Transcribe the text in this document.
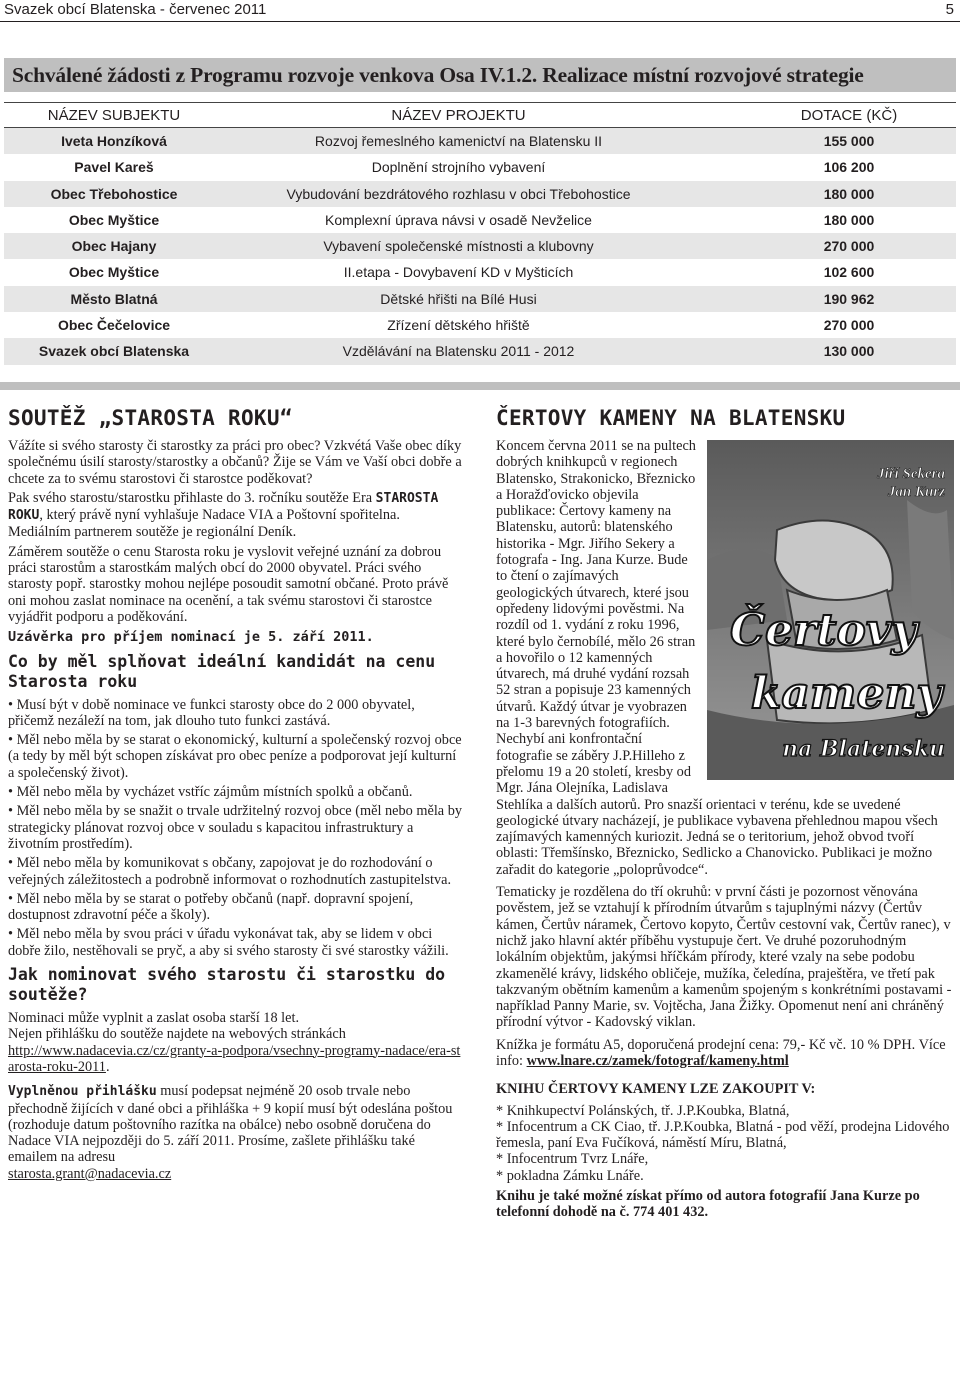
Svazek obcí Blatenska - červenec 2011	5
Schválené žádosti z Programu rozvoje venkova Osa IV.1.2. Realizace místní rozvojové strategie
NÁZEV SUBJEKTU	NÁZEV PROJEKTU	DOTACE (KČ)
Iveta Honzíková	Rozvoj řemeslného kamenictví na Blatensku II	155 000
Pavel Kareš	Doplnění strojního vybavení	106 200
Obec Třebohostice	Vybudování bezdrátového rozhlasu v obci Třebohostice	180 000
Obec Myštice	Komplexní úprava návsi v osadě Nevželice	180 000
Obec Hajany	Vybavení společenské místnosti a klubovny	270 000
Obec Myštice	II.etapa - Dovybavení KD v Myšticích	102 600
Město Blatná	Dětské hřišti na Bílé Husi	190 962
Obec Čečelovice	Zřízení dětského hřiště	270 000
Svazek obcí Blatenska	Vzdělávání na Blatensku 2011 - 2012	130 000
SOUTĚŽ „STAROSTA ROKU“

Vážíte si svého starosty či starostky za práci pro obec? Vzkvétá Vaše obec díky společnému úsilí starosty/starostky a občanů? Žije se Vám ve Vaší obci dobře a chcete za to svému starostovi či starostce poděkovat?

Pak svého starostu/starostku přihlaste do 3. ročníku soutěže Era STAROSTA ROKU, který právě nyní vyhlašuje Nadace VIA a Poštovní spořitelna. Mediálním partnerem soutěže je regionální Deník.

Záměrem soutěže o cenu Starosta roku je vyslovit veřejné uznání za dobrou práci starostům a starostkám malých obcí do 2000 obyvatel. Práci svého starosty popř. starostky mohou nejlépe posoudit samotní občané. Proto právě oni mohou zaslat nominace na ocenění, a tak svému starostovi či starostce vyjádřit podporu a poděkování.

Uzávěrka pro příjem nominací je 5. září 2011.

Co by měl splňovat ideální kandidát na cenu Starosta roku

• Musí být v době nominace ve funkci starosty obce do 2 000 obyvatel, přičemž nezáleží na tom, jak dlouho tuto funkci zastává.

• Měl nebo měla by se starat o ekonomický, kulturní a společenský rozvoj obce (a tedy by měl být schopen získávat pro obec peníze a podporovat její kulturní a společenský život).

• Měl nebo měla by vycházet vstříc zájmům místních spolků a občanů.

• Měl nebo měla by se snažit o trvale udržitelný rozvoj obce (měl nebo měla by strategicky plánovat rozvoj obce v souladu s kapacitou infrastruktury a životním prostředím).

• Měl nebo měla by komunikovat s občany, zapojovat je do rozhodování o veřejných záležitostech a podrobně informovat o rozhodnutích zastupitelstva.

• Měl nebo měla by se starat o potřeby občanů (např. dopravní spojení, dostupnost zdravotní péče a školy).

• Měl nebo měla by svou práci v úřadu vykonávat tak, aby se lidem v obci dobře žilo, nestěhovali se pryč, a aby si svého starosty či své starostky vážili.

Jak nominovat svého starostu či starostku do soutěže?

Nominaci může vyplnit a zaslat osoba starší 18 let.

Nejen přihlášku do soutěže najdete na webových stránkách
http://www.nadacevia.cz/cz/granty-a-podpora/vsechny-programy-nadace/era-starosta-roku-2011.

Vyplněnou přihlášku musí podepsat nejméně 20 osob trvale nebo přechodně žijících v dané obci a přihláška + 9 kopií musí být odeslána poštou (rozhoduje datum poštovního razítka na obálce) nebo osobně doručena do Nadace VIA nejpozději do 5. září 2011. Prosíme, zašlete přihlášku také emailem na adresu
starosta.grant@nadacevia.cz

ČERTOVY KAMENY NA BLATENSKU
Jiří Sekera
Jan Kurz
Čertovy
kameny
na Blatensku

Koncem června 2011 se na pultech dobrých knihkupců v regionech Blatensko, Strakonicko, Březnicko a Horažďovicko objevila publikace: Čertovy kameny na Blatensku, autorů: blatenského historika - Mgr. Jiřího Sekery a fotografa - Ing. Jana Kurze. Bude to čtení o zajímavých geologických útvarech, které jsou opředeny lidovými pověstmi. Na rozdíl od 1. vydání z roku 1996, které bylo černobílé, mělo 26 stran a hovořilo o 12 kamenných útvarech, má druhé vydání rozsah 52 stran a popisuje 23 kamenných útvarů. Každý útvar je vyobrazen na 1-3 barevných fotografiích. Nechybí ani konfrontační fotografie se záběry J.P.Hilleho z přelomu 19 a 20 století, kresby od Mgr. Jána Olejníka, Ladislava Stehlíka a dalších autorů. Pro snazší orientaci v terénu, kde se uvedené geologické útvary nacházejí, je publikace vybavena přehlednou mapou všech zajímavých kamenných kuriozit. Jedná se o teritorium, jehož obvod tvoří oblasti: Třemšínsko, Březnicko, Sedlicko a Chanovicko. Publikaci je možno zařadit do kategorie „poloprůvodce“.

Tematicky je rozdělena do tří okruhů: v první části je pozornost věnována pověstem, jež se vztahují k přírodním útvarům s tajuplnými názvy (Čertův kámen, Čertův náramek, Čertovo kopyto, Čertův cestovní vak, Čertův ranec), v nichž jako hlavní aktér příběhu vystupuje čert. Ve druhé pozoruhodným lokálním objektům, jakýmsi hříčkám přírody, které vzaly na sebe podobu zkamenělé krávy, lidského obličeje, mužíka, čeledína, praještěra, ve třetí pak takzvaným obětním kamenům a kamenům spojeným s konkrétními postavami - například Panny Marie, sv. Vojtěcha, Jana Žižky. Opomenut není ani chráněný přírodní výtvor - Kadovský viklan.

Knížka je formátu A5, doporučená prodejní cena: 79,- Kč vč. 10 % DPH. Více info: www.lnare.cz/zamek/fotograf/kameny.html

KNIHU ČERTOVY KAMENY LZE ZAKOUPIT V:

* Knihkupectví Polánských, tř. J.P.Koubka, Blatná,

* Infocentrum a CK Ciao, tř. J.P.Koubka, Blatná - pod věží, prodejna Lidového řemesla, paní Eva Fučíková, náměstí Míru, Blatná,

* Infocentrum Tvrz Lnáře,

* pokladna Zámku Lnáře.

Knihu je také možné získat přímo od autora fotografií Jana Kurze po telefonní dohodě na č. 774 401 432.
